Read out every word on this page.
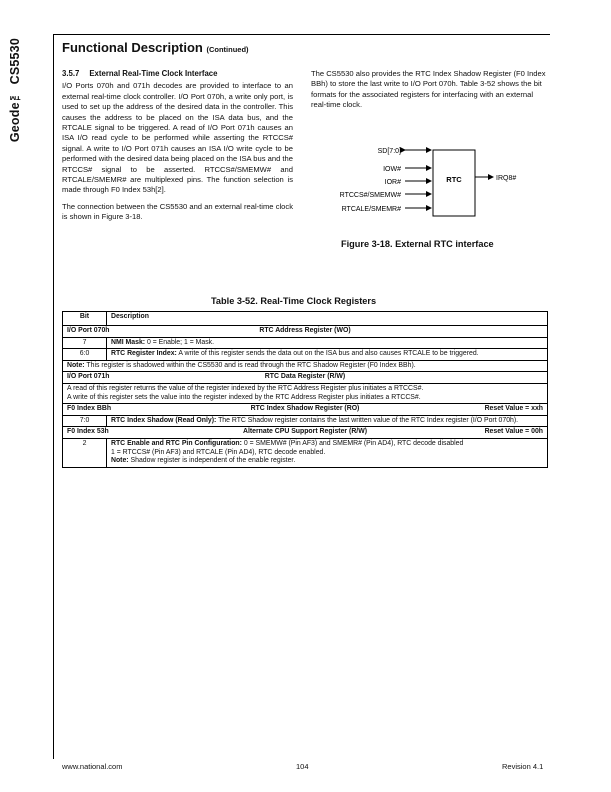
Geode™ CS5530	Functional Description (Continued)
3.5.7 External Real-Time Clock Interface

I/O Ports 070h and 071h decodes are provided to interface to an external real-time clock controller. I/O Port 070h, a write only port, is used to set up the address of the desired data in the controller. This causes the address to be placed on the ISA data bus, and the RTCALE signal to be triggered. A read of I/O Port 071h causes an ISA I/O read cycle to be performed while asserting the RTCCS# signal. A write to I/O Port 071h causes an ISA I/O write cycle to be performed with the desired data being placed on the ISA bus and the RTCCS# signal to be asserted. RTCCS#/SMEMW# and RTCALE/SMEMR# are multiplexed pins. The function selection is made through F0 Index 53h[2].

The connection between the CS5530 and an external real-time clock is shown in Figure 3-18.

The CS5530 also provides the RTC Index Shadow Register (F0 Index BBh) to store the last write to I/O Port 070h. Table 3-52 shows the bit formats for the associated registers for interfacing with an external real-time clock.

RTC
SD[7:0]
IOW#
IOR#
RTCCS#/SMEMW#
RTCALE/SMEMR#
IRQ8#
Figure 3-18. External RTC interface
Table 3-52. Real-Time Clock Registers
Bit	Description

I/O Port 070h RTC Address Register (WO)	

7	NMI Mask: 0 = Enable; 1 = Mask.
6:0	RTC Register Index: A write of this register sends the data out on the ISA bus and also causes RTCALE to be triggered.
Note: This register is shadowed within the CS5530 and is read through the RTC Shadow Register (F0 Index BBh).	

I/O Port 071h RTC Data Register (R/W)	

A read of this register returns the value of the register indexed by the RTC Address Register plus initiates a RTCCS#.
A write of this register sets the value into the register indexed by the RTC Address Register plus initiates a RTCCS#.	

F0 Index BBh RTC Index Shadow Register (RO) Reset Value = xxh	

7:0	RTC Index Shadow (Read Only): The RTC Shadow register contains the last written value of the RTC Index register (I/O Port 070h).

F0 Index 53h Alternate CPU Support Register (R/W) Reset Value = 00h	

2	RTC Enable and RTC Pin Configuration: 0 = SMEMW# (Pin AF3) and SMEMR# (Pin AD4), RTC decode disabled
1 = RTCCS# (Pin AF3) and RTCALE (Pin AD4), RTC decode enabled.
Note: Shadow register is independent of the enable register.
www.national.com	104	Revision 4.1
